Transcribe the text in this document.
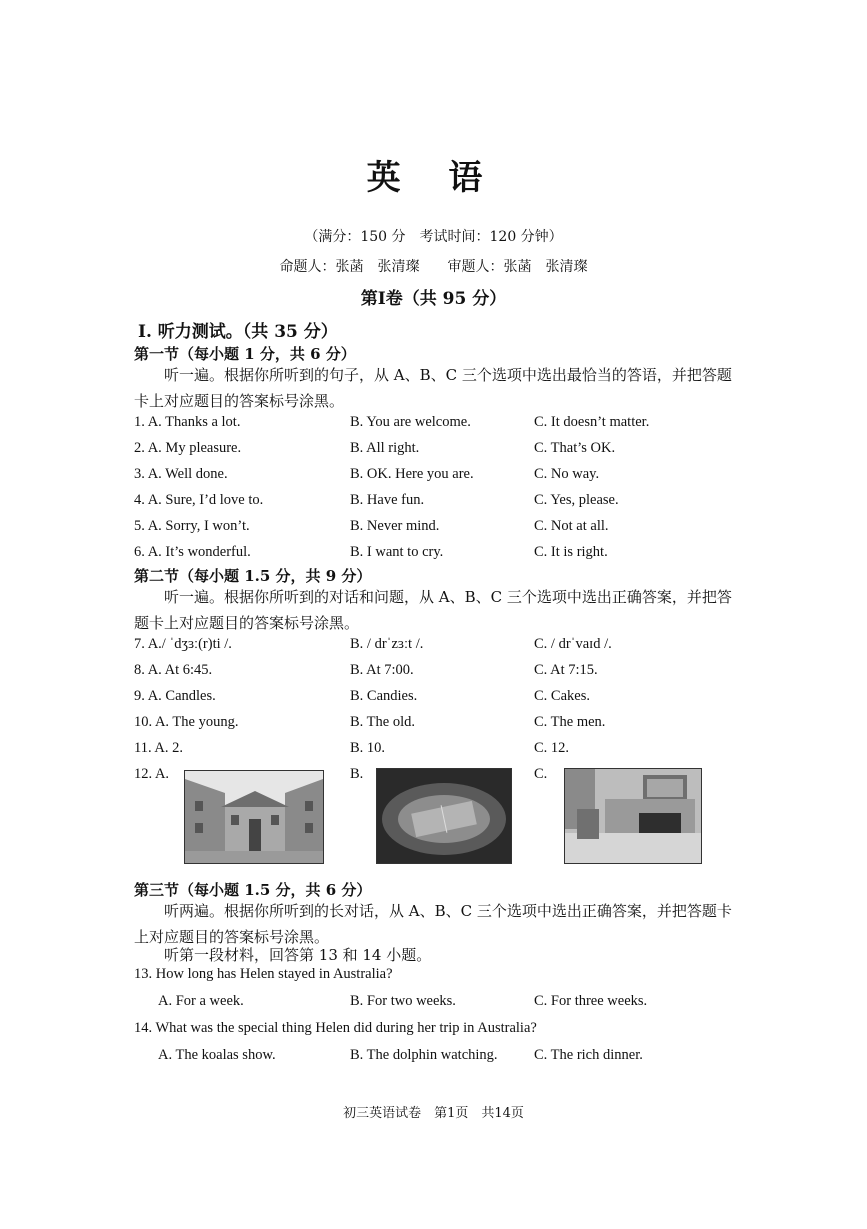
英 语
（满分：150 分　考试时间：120 分钟）
命题人：张菡　张清璨　　审题人：张菡　张清璨
第Ⅰ卷（共 95 分）
Ⅰ. 听力测试。（共 35 分）
第一节（每小题 1 分，共 6 分）
听一遍。根据你所听到的句子，从 A、B、C 三个选项中选出最恰当的答语，并把答题卡上对应题目的答案标号涂黑。
1. A. Thanks a lot.	B. You are welcome.	C. It doesn’t matter.
2. A. My pleasure.	B. All right.	C. That’s OK.
3. A. Well done.	B. OK. Here you are.	C. No way.
4. A. Sure, I’d love to.	B. Have fun.	C. Yes, please.
5. A. Sorry, I won’t.	B. Never mind.	C. Not at all.
6. A. It’s wonderful.	B. I want to cry.	C. It is right.
第二节（每小题 1.5 分，共 9 分）
听一遍。根据你所听到的对话和问题，从 A、B、C 三个选项中选出正确答案，并把答题卡上对应题目的答案标号涂黑。
7. A./ ˈdʒɜː(r)ti /.	B. / drˈzɜːt /.	C. / drˈvaɪd /.
8. A. At 6:45.	B. At 7:00.	C. At 7:15.
9. A. Candles.	B. Candies.	C. Cakes.
10. A. The young.	B. The old.	C. The men.
11. A. 2.	B. 10.	C. 12.
12. A.	B.	C.
第三节（每小题 1.5 分，共 6 分）
听两遍。根据你所听到的长对话，从 A、B、C 三个选项中选出正确答案，并把答题卡上对应题目的答案标号涂黑。
听第一段材料，回答第 13 和 14 小题。
13. How long has Helen stayed in Australia?
A. For a week.	B. For two weeks.	C. For three weeks.
14. What was the special thing Helen did during her trip in Australia?
A. The koalas show.	B. The dolphin watching.	C. The rich dinner.
初三英语试卷　第1页　共14页
